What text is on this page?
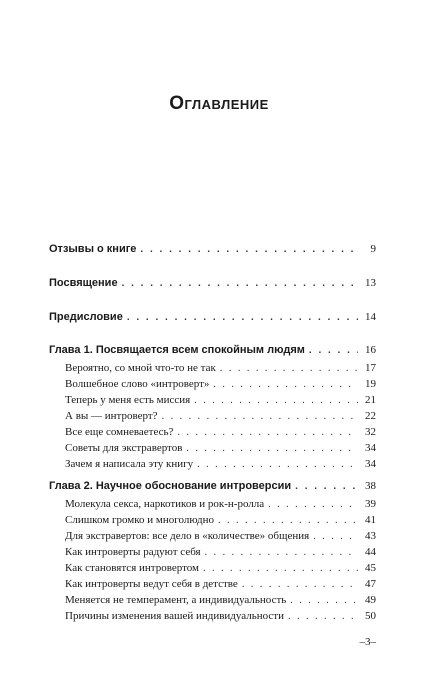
Оглавление
Отзывы о книге . . .	9
Посвящение . . .	13
Предисловие . . .	14
Глава 1. Посвящается всем спокойным людям . . .	16
Вероятно, со мной что-то не так . . .	17
Волшебное слово «интроверт» . . .	19
Теперь у меня есть миссия . . .	21
А вы — интроверт? . . .	22
Все еще сомневаетесь? . . .	32
Советы для экстравертов . . .	34
Зачем я написала эту книгу . . .	34
Глава 2. Научное обоснование интроверсии . . .	38
Молекула секса, наркотиков и рок-н-ролла . . .	39
Слишком громко и многолюдно . . .	41
Для экстравертов: все дело в «количестве» общения . . .	43
Как интроверты радуют себя . . .	44
Как становятся интровертом . . .	45
Как интроверты ведут себя в детстве . . .	47
Меняется не темперамент, а индивидуальность . . .	49
Причины изменения вашей индивидуальности . . .	50
–3–
